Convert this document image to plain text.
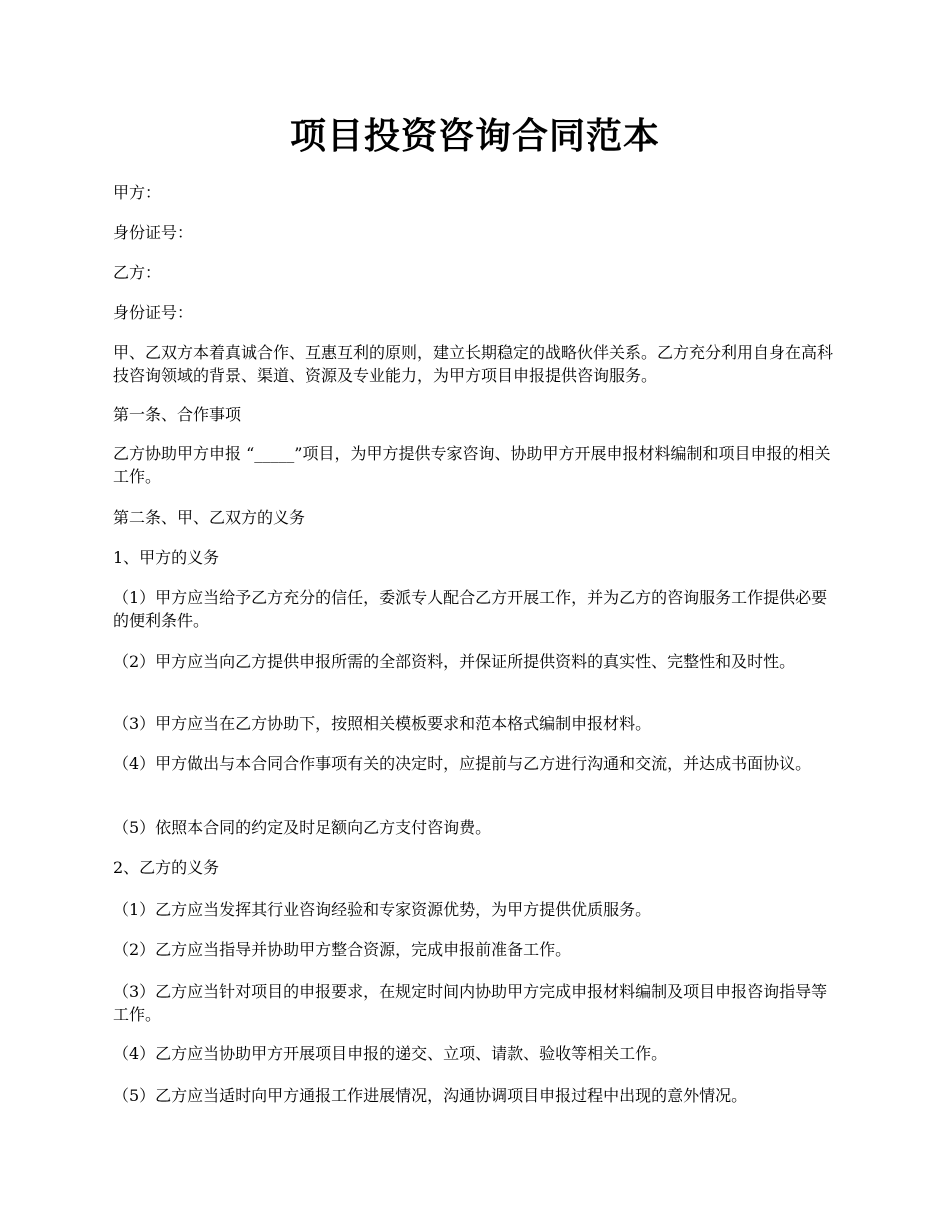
项目投资咨询合同范本

甲方：

身份证号：

乙方：

身份证号：

甲、乙双方本着真诚合作、互惠互利的原则，建立长期稳定的战略伙伴关系。乙方充分利用自身在高科技咨询领域的背景、渠道、资源及专业能力，为甲方项目申报提供咨询服务。

第一条、合作事项

乙方协助甲方申报 “_____”项目，为甲方提供专家咨询、协助甲方开展申报材料编制和项目申报的相关工作。

第二条、甲、乙双方的义务

1、甲方的义务

（1）甲方应当给予乙方充分的信任，委派专人配合乙方开展工作，并为乙方的咨询服务工作提供必要的便利条件。

（2）甲方应当向乙方提供申报所需的全部资料，并保证所提供资料的真实性、完整性和及时性。

（3）甲方应当在乙方协助下，按照相关模板要求和范本格式编制申报材料。

（4）甲方做出与本合同合作事项有关的决定时，应提前与乙方进行沟通和交流，并达成书面协议。

（5）依照本合同的约定及时足额向乙方支付咨询费。

2、乙方的义务

（1）乙方应当发挥其行业咨询经验和专家资源优势，为甲方提供优质服务。

（2）乙方应当指导并协助甲方整合资源，完成申报前准备工作。

（3）乙方应当针对项目的申报要求，在规定时间内协助甲方完成申报材料编制及项目申报咨询指导等工作。

（4）乙方应当协助甲方开展项目申报的递交、立项、请款、验收等相关工作。

（5）乙方应当适时向甲方通报工作进展情况，沟通协调项目申报过程中出现的意外情况。
